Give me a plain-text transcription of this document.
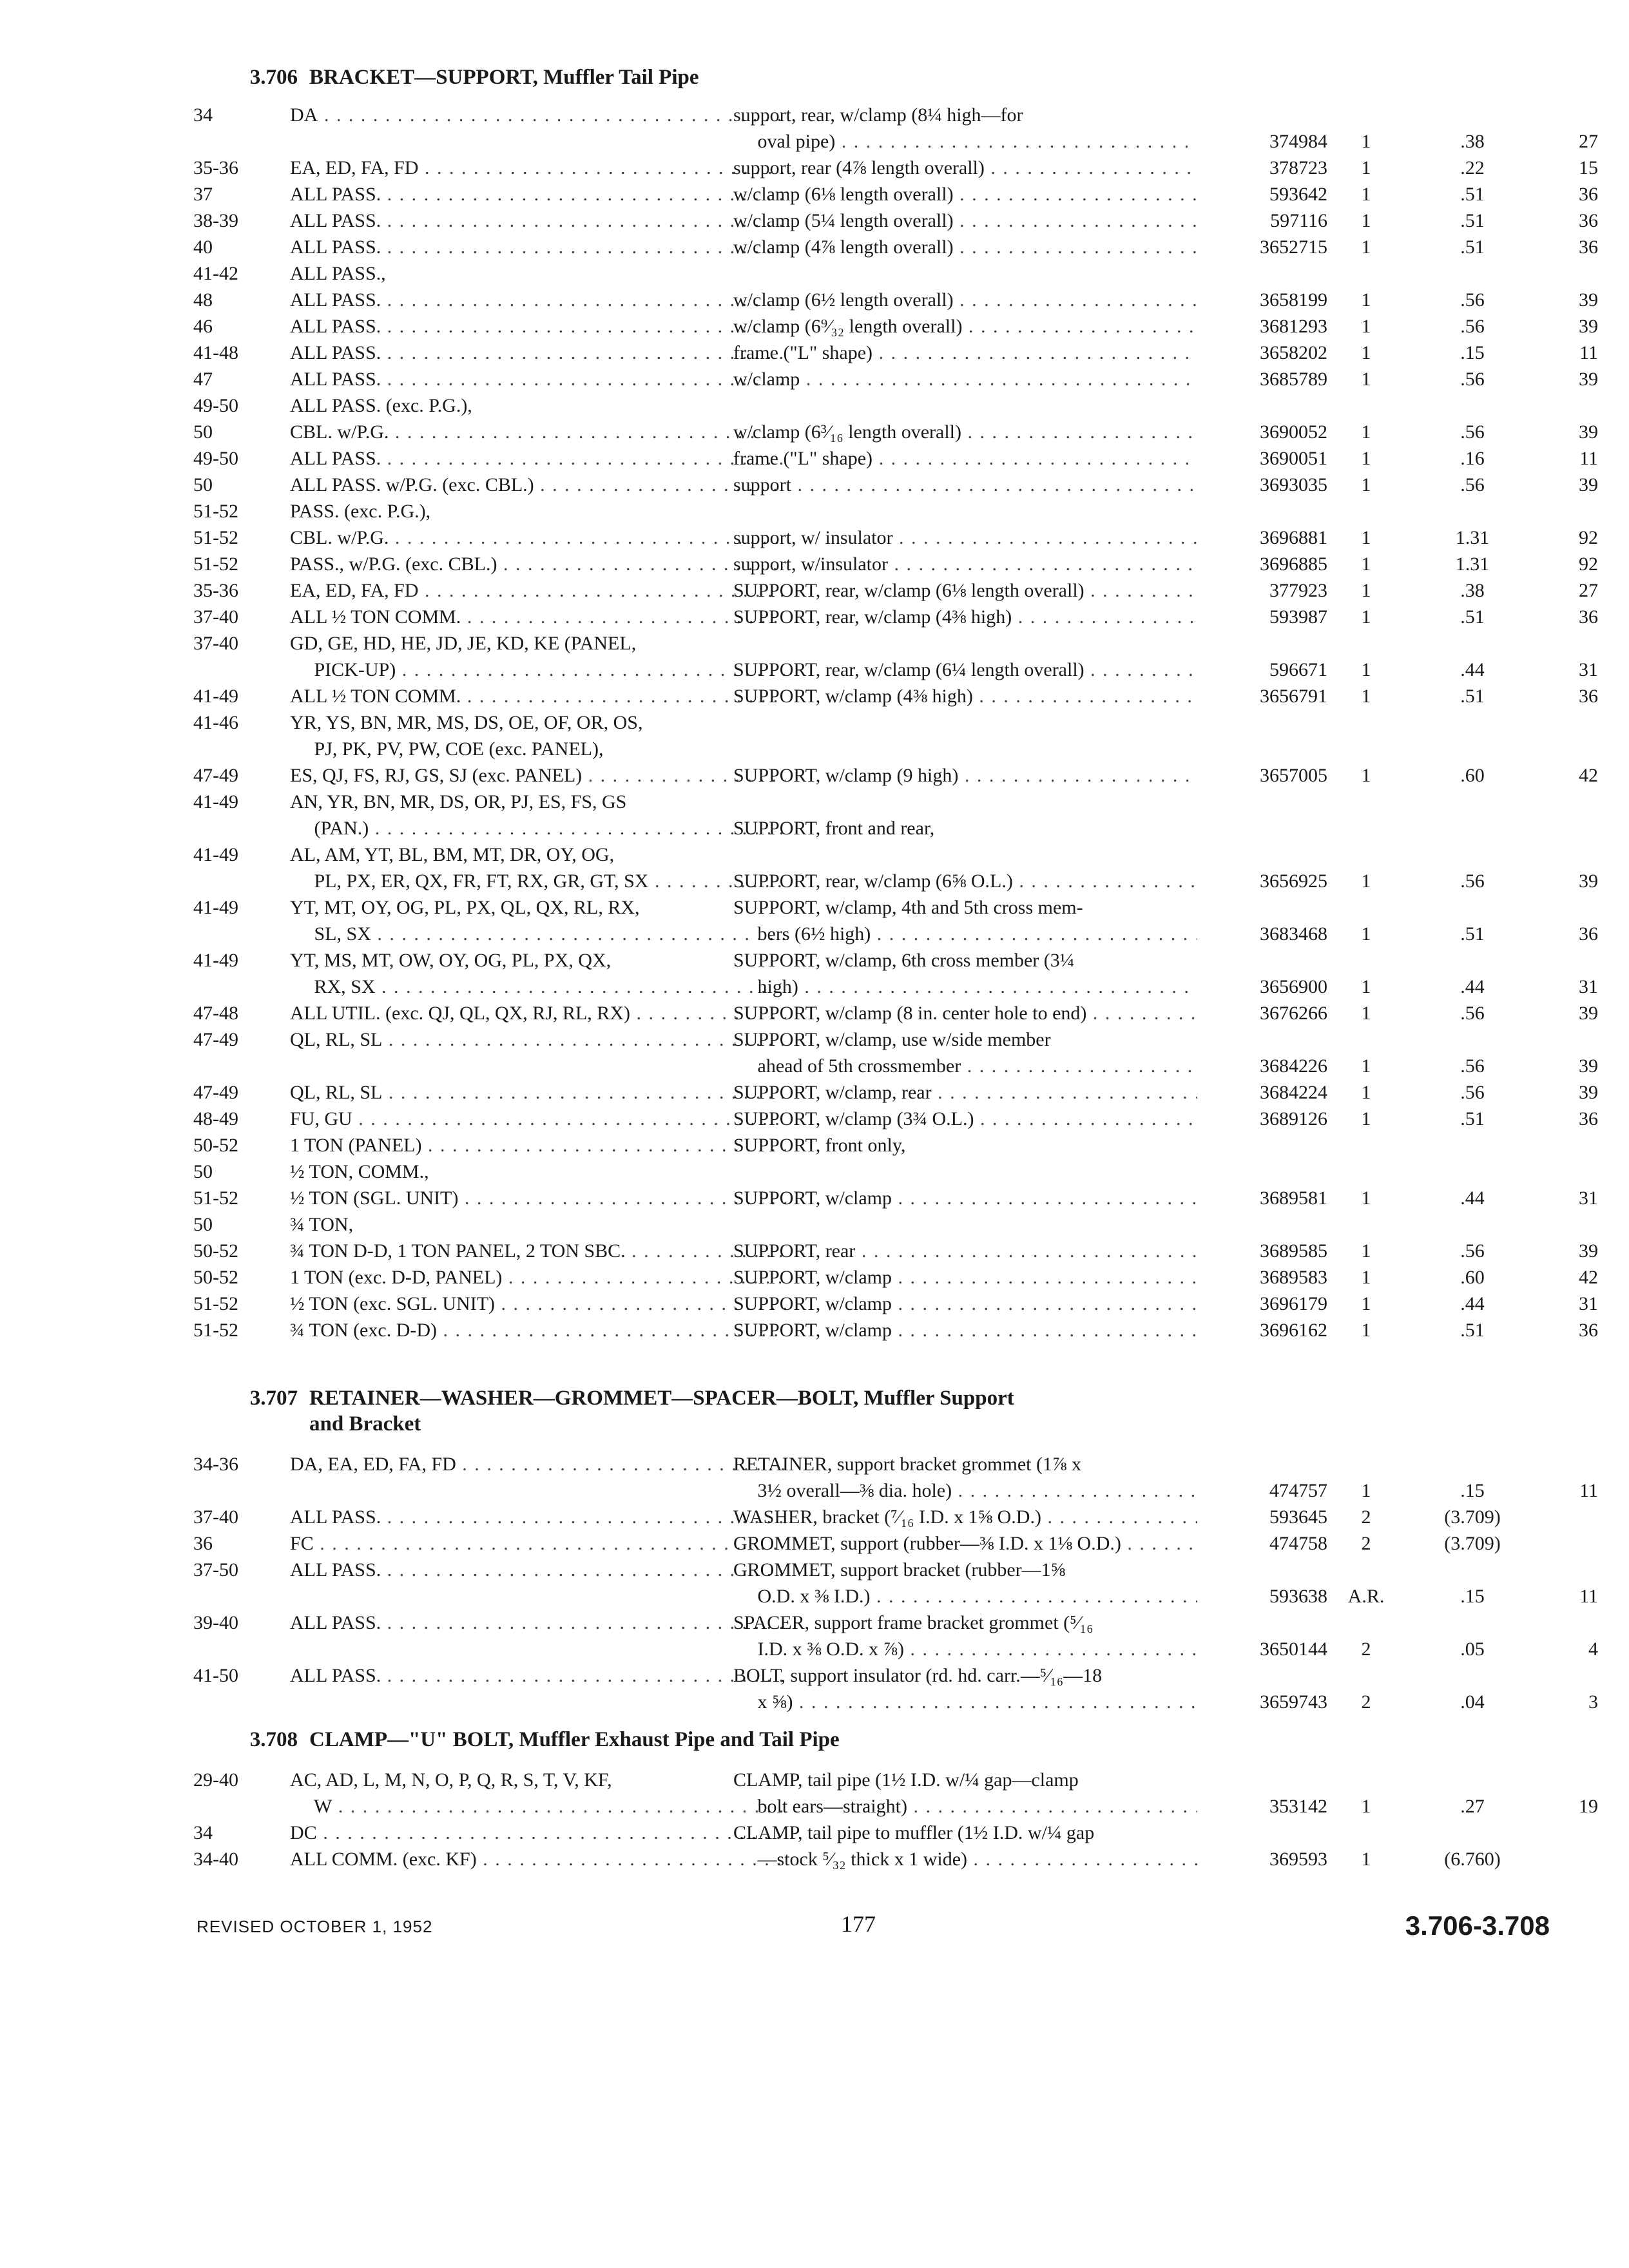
3.706 BRACKET—SUPPORT, Muffler Tail Pipe
34	DA . . .	support, rear, w/clamp (8¼ high—for
oval pipe) . . .	374984	1	.38	27
35-36	EA, ED, FA, FD . . .	support, rear (4⅞ length overall) . . .	378723	1	.22	15
37	ALL PASS. . . .	w/clamp (6⅛ length overall) . . .	593642	1	.51	36
38-39	ALL PASS. . . .	w/clamp (5¼ length overall) . . .	597116	1	.51	36
40	ALL PASS. . . .	w/clamp (4⅞ length overall) . . .	3652715	1	.51	36
41-42	ALL PASS.,
48	ALL PASS. . . .	w/clamp (6½ length overall) . . .	3658199	1	.56	39
46	ALL PASS. . . .	w/clamp (6⁹⁄₃₂ length overall) . . .	3681293	1	.56	39
41-48	ALL PASS. . . .	frame ("L" shape) . . .	3658202	1	.15	11
47	ALL PASS. . . .	w/clamp . . .	3685789	1	.56	39
49-50	ALL PASS. (exc. P.G.),
50	CBL. w/P.G. . . .	w/clamp (6³⁄₁₆ length overall) . . .	3690052	1	.56	39
49-50	ALL PASS. . . .	frame ("L" shape) . . .	3690051	1	.16	11
50	ALL PASS. w/P.G. (exc. CBL.) . . .	support . . .	3693035	1	.56	39
51-52	PASS. (exc. P.G.),
51-52	CBL. w/P.G. . . .	support, w/ insulator . . .	3696881	1	1.31	92
51-52	PASS., w/P.G. (exc. CBL.) . . .	support, w/insulator . . .	3696885	1	1.31	92
35-36	EA, ED, FA, FD . . .	SUPPORT, rear, w/clamp (6⅛ length overall) . . .	377923	1	.38	27
37-40	ALL ½ TON COMM. . . .	SUPPORT, rear, w/clamp (4⅜ high) . . .	593987	1	.51	36
37-40	GD, GE, HD, HE, JD, JE, KD, KE (PANEL,
PICK-UP) . . .	SUPPORT, rear, w/clamp (6¼ length overall) . . .	596671	1	.44	31
41-49	ALL ½ TON COMM. . . .	SUPPORT, w/clamp (4⅜ high) . . .	3656791	1	.51	36
41-46	YR, YS, BN, MR, MS, DS, OE, OF, OR, OS,
PJ, PK, PV, PW, COE (exc. PANEL),
47-49	ES, QJ, FS, RJ, GS, SJ (exc. PANEL) . . .	SUPPORT, w/clamp (9 high) . . .	3657005	1	.60	42
41-49	AN, YR, BN, MR, DS, OR, PJ, ES, FS, GS
(PAN.) . . .	SUPPORT, front and rear,
41-49	AL, AM, YT, BL, BM, MT, DR, OY, OG,
PL, PX, ER, QX, FR, FT, RX, GR, GT, SX . . .	SUPPORT, rear, w/clamp (6⅝ O.L.) . . .	3656925	1	.56	39
41-49	YT, MT, OY, OG, PL, PX, QL, QX, RL, RX,	SUPPORT, w/clamp, 4th and 5th cross mem-
SL, SX . . .	bers (6½ high) . . .	3683468	1	.51	36
41-49	YT, MS, MT, OW, OY, OG, PL, PX, QX,	SUPPORT, w/clamp, 6th cross member (3¼
RX, SX . . .	high) . . .	3656900	1	.44	31
47-48	ALL UTIL. (exc. QJ, QL, QX, RJ, RL, RX) . . .	SUPPORT, w/clamp (8 in. center hole to end) . . .	3676266	1	.56	39
47-49	QL, RL, SL . . .	SUPPORT, w/clamp, use w/side member
ahead of 5th crossmember . . .	3684226	1	.56	39
47-49	QL, RL, SL . . .	SUPPORT, w/clamp, rear . . .	3684224	1	.56	39
48-49	FU, GU . . .	SUPPORT, w/clamp (3¾ O.L.) . . .	3689126	1	.51	36
50-52	1 TON (PANEL) . . .	SUPPORT, front only,
50	½ TON, COMM.,
51-52	½ TON (SGL. UNIT) . . .	SUPPORT, w/clamp . . .	3689581	1	.44	31
50	¾ TON,
50-52	¾ TON D-D, 1 TON PANEL, 2 TON SBC. . . .	SUPPORT, rear . . .	3689585	1	.56	39
50-52	1 TON (exc. D-D, PANEL) . . .	SUPPORT, w/clamp . . .	3689583	1	.60	42
51-52	½ TON (exc. SGL. UNIT) . . .	SUPPORT, w/clamp . . .	3696179	1	.44	31
51-52	¾ TON (exc. D-D) . . .	SUPPORT, w/clamp . . .	3696162	1	.51	36
3.707 RETAINER—WASHER—GROMMET—SPACER—BOLT, Muffler Support
and Bracket
34-36	DA, EA, ED, FA, FD . . .	RETAINER, support bracket grommet (1⅞ x
3½ overall—⅜ dia. hole) . . .	474757	1	.15	11
37-40	ALL PASS. . . .	WASHER, bracket (⁷⁄₁₆ I.D. x 1⅝ O.D.) . . .	593645	2	(3.709)
36	FC . . .	GROMMET, support (rubber—⅜ I.D. x 1⅛ O.D.) . . .	474758	2	(3.709)
37-50	ALL PASS. . . .	GROMMET, support bracket (rubber—1⅝
O.D. x ⅜ I.D.) . . .	593638	A.R.	.15	11
39-40	ALL PASS. . . .	SPACER, support frame bracket grommet (⁵⁄₁₆
I.D. x ⅜ O.D. x ⅞) . . .	3650144	2	.05	4
41-50	ALL PASS. . . .	BOLT, support insulator (rd. hd. carr.—⁵⁄₁₆—18
x ⅝) . . .	3659743	2	.04	3
3.708 CLAMP—"U" BOLT, Muffler Exhaust Pipe and Tail Pipe
29-40	AC, AD, L, M, N, O, P, Q, R, S, T, V, KF,	CLAMP, tail pipe (1½ I.D. w/¼ gap—clamp
W . . .	bolt ears—straight) . . .	353142	1	.27	19
34	DC . . .	CLAMP, tail pipe to muffler (1½ I.D. w/¼ gap
34-40	ALL COMM. (exc. KF) . . .	—stock ⁵⁄₃₂ thick x 1 wide) . . .	369593	1	(6.760)
REVISED OCTOBER 1, 1952	177	3.706-3.708
